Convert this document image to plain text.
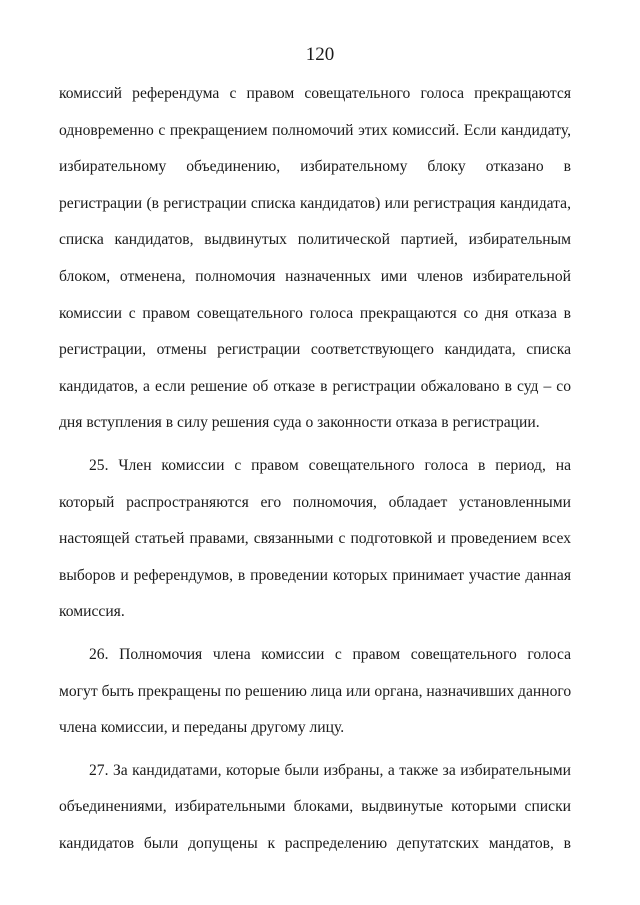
120
комиссий референдума с правом совещательного голоса прекращаются
одновременно с прекращением полномочий этих комиссий. Если кандидату,
избирательному объединению, избирательному блоку отказано в
регистрации (в регистрации списка кандидатов) или регистрация кандидата,
списка кандидатов, выдвинутых политической партией, избирательным
блоком, отменена, полномочия назначенных ими членов избирательной
комиссии с правом совещательного голоса прекращаются со дня отказа в
регистрации, отмены регистрации соответствующего кандидата, списка
кандидатов, а если решение об отказе в регистрации обжаловано в суд – со
дня вступления в силу решения суда о законности отказа в регистрации.
25. Член комиссии с правом совещательного голоса в период, на
который распространяются его полномочия, обладает установленными
настоящей статьей правами, связанными с подготовкой и проведением всех
выборов и референдумов, в проведении которых принимает участие данная
комиссия.
26. Полномочия члена комиссии с правом совещательного голоса
могут быть прекращены по решению лица или органа, назначивших данного
члена комиссии, и переданы другому лицу.
27. За кандидатами, которые были избраны, а также за избирательными
объединениями, избирательными блоками, выдвинутые которыми списки
кандидатов были допущены к распределению депутатских мандатов, в
